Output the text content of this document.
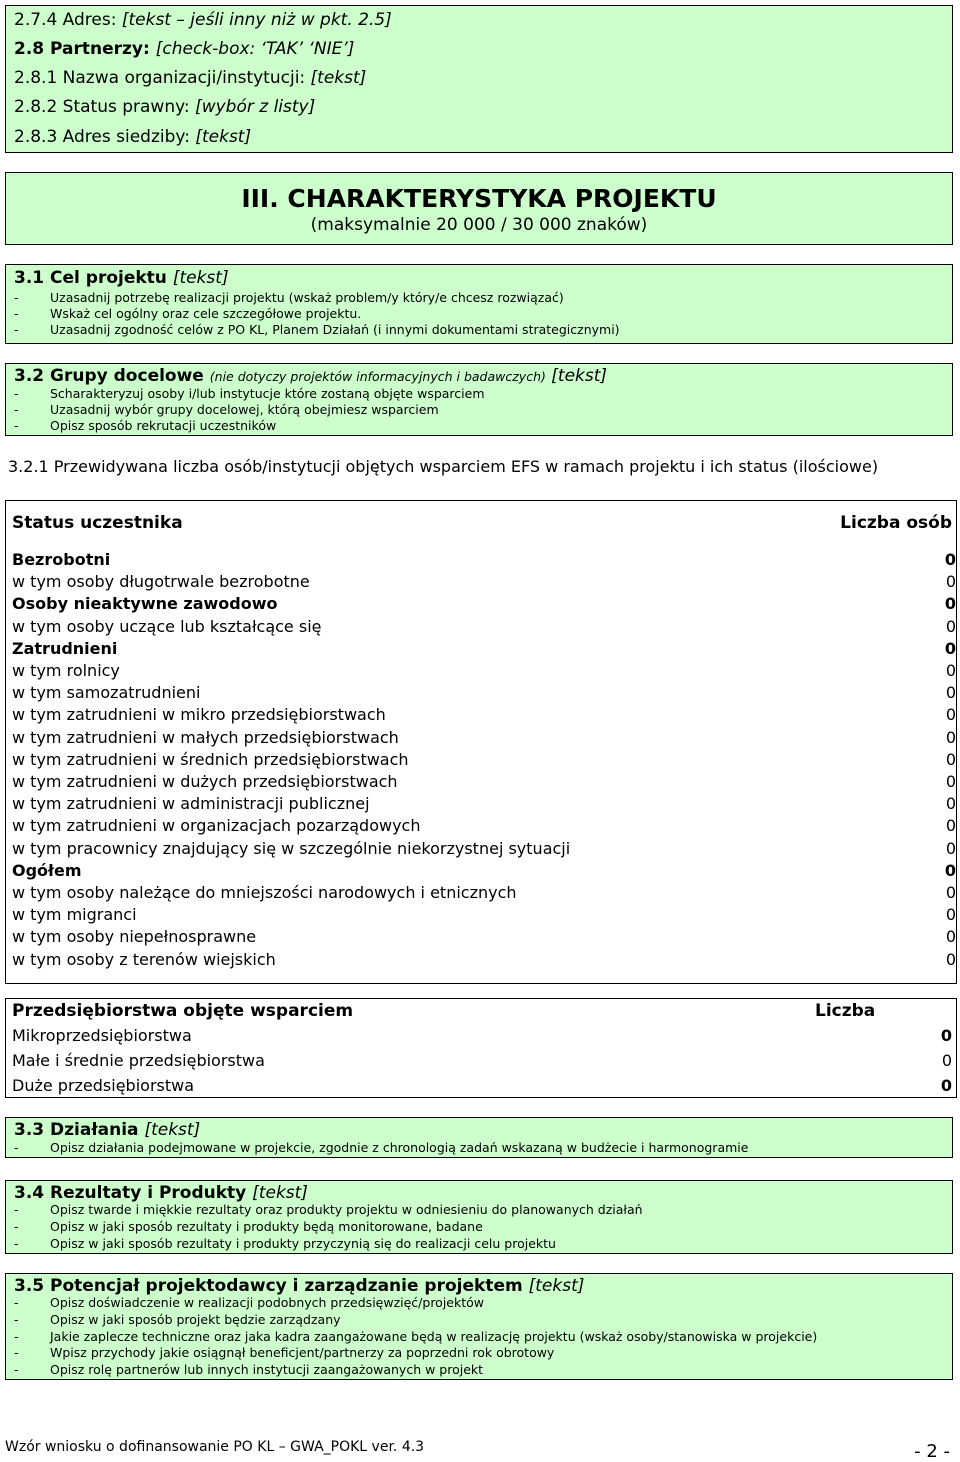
2.7.4 Adres: [tekst – jeśli inny niż w pkt. 2.5]
2.8 Partnerzy: [check-box: ‘TAK’ ‘NIE’]
2.8.1 Nazwa organizacji/instytucji: [tekst]
2.8.2 Status prawny: [wybór z listy]
2.8.3 Adres siedziby: [tekst]
III. CHARAKTERYSTYKA PROJEKTU
(maksymalnie 20 000 / 30 000 znaków)
3.1 Cel projektu [tekst]
-	Uzasadnij potrzebę realizacji projektu (wskaż problem/y który/e chcesz rozwiązać)
-	Wskaż cel ogólny oraz cele szczegółowe projektu.
-	Uzasadnij zgodność celów z PO KL, Planem Działań (i innymi dokumentami strategicznymi)
3.2 Grupy docelowe (nie dotyczy projektów informacyjnych i badawczych) [tekst]
-	Scharakteryzuj osoby i/lub instytucje które zostaną objęte wsparciem
-	Uzasadnij wybór grupy docelowej, którą obejmiesz wsparciem
-	Opisz sposób rekrutacji uczestników
3.2.1 Przewidywana liczba osób/instytucji objętych wsparciem EFS w ramach projektu i ich status (ilościowe)
Status uczestnika	Liczba osób
Bezrobotni	0
w tym osoby długotrwale bezrobotne	0
Osoby nieaktywne zawodowo	0
w tym osoby uczące lub kształcące się	0
Zatrudnieni	0
w tym rolnicy	0
w tym samozatrudnieni	0
w tym zatrudnieni w mikro przedsiębiorstwach	0
w tym zatrudnieni w małych przedsiębiorstwach	0
w tym zatrudnieni w średnich przedsiębiorstwach	0
w tym zatrudnieni w dużych przedsiębiorstwach	0
w tym zatrudnieni w administracji publicznej	0
w tym zatrudnieni w organizacjach pozarządowych	0
w tym pracownicy znajdujący się w szczególnie niekorzystnej sytuacji	0
Ogółem	0
w tym osoby należące do mniejszości narodowych i etnicznych	0
w tym migranci	0
w tym osoby niepełnosprawne	0
w tym osoby z terenów wiejskich	0
Przedsiębiorstwa objęte wsparciem	Liczba
Mikroprzedsiębiorstwa	0
Małe i średnie przedsiębiorstwa	0
Duże przedsiębiorstwa	0
3.3 Działania [tekst]
-	Opisz działania podejmowane w projekcie, zgodnie z chronologią zadań wskazaną w budżecie i harmonogramie
3.4 Rezultaty i Produkty [tekst]
-	Opisz twarde i miękkie rezultaty oraz produkty projektu w odniesieniu do planowanych działań
-	Opisz w jaki sposób rezultaty i produkty będą monitorowane, badane
-	Opisz w jaki sposób rezultaty i produkty przyczynią się do realizacji celu projektu
3.5 Potencjał projektodawcy i zarządzanie projektem [tekst]
-	Opisz doświadczenie w realizacji podobnych przedsięwzięć/projektów
-	Opisz w jaki sposób projekt będzie zarządzany
-	Jakie zaplecze techniczne oraz jaka kadra zaangażowane będą w realizację projektu (wskaż osoby/stanowiska w projekcie)
-	Wpisz przychody jakie osiągnął beneficjent/partnerzy za poprzedni rok obrotowy
-	Opisz rolę partnerów lub innych instytucji zaangażowanych w projekt
Wzór wniosku o dofinansowanie PO KL – GWA_POKL ver. 4.3	- 2 -
